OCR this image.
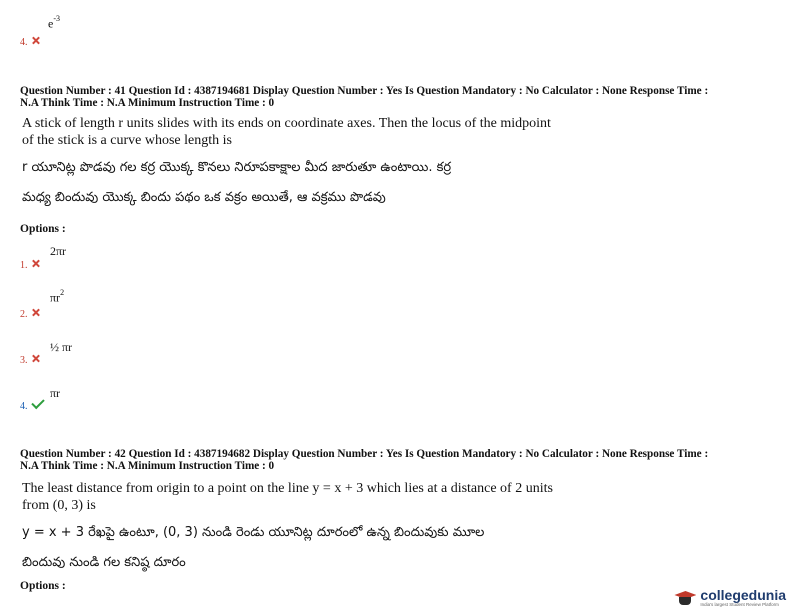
$e^{-3}$
4.
Question Number : 41 Question Id : 4387194681 Display Question Number : Yes Is Question Mandatory : No Calculator : None Response Time :
N.A Think Time : N.A Minimum Instruction Time : 0
A stick of length r units slides with its ends on coordinate axes. Then the locus of the midpoint of the stick is a curve whose length is
r యూనిట్ల పొడవు గల కర్ర యొక్క కొనలు నిరూపకాక్షాల మీద జారుతూ ఉంటాయి. కర్ర
మధ్య బిందువు యొక్క బిందు పథం ఒక వక్రం అయితే, ఆ వక్రము పొడవు
Options :
2πr
1.
$\pi r^2$
2.
½ πr
3.
πr
4.
Question Number : 42 Question Id : 4387194682 Display Question Number : Yes Is Question Mandatory : No Calculator : None Response Time :
N.A Think Time : N.A Minimum Instruction Time : 0
The least distance from origin to a point on the line y = x + 3 which lies at a distance of 2 units from (0, 3) is
y = x + 3 రేఖపై ఉంటూ, (0, 3) నుండి రెండు యూనిట్ల దూరంలో ఉన్న బిందువుకు మూల
బిందువు నుండి గల కనిష్ఠ దూరం
Options :
collegedunia
India's largest Student Review Platform
